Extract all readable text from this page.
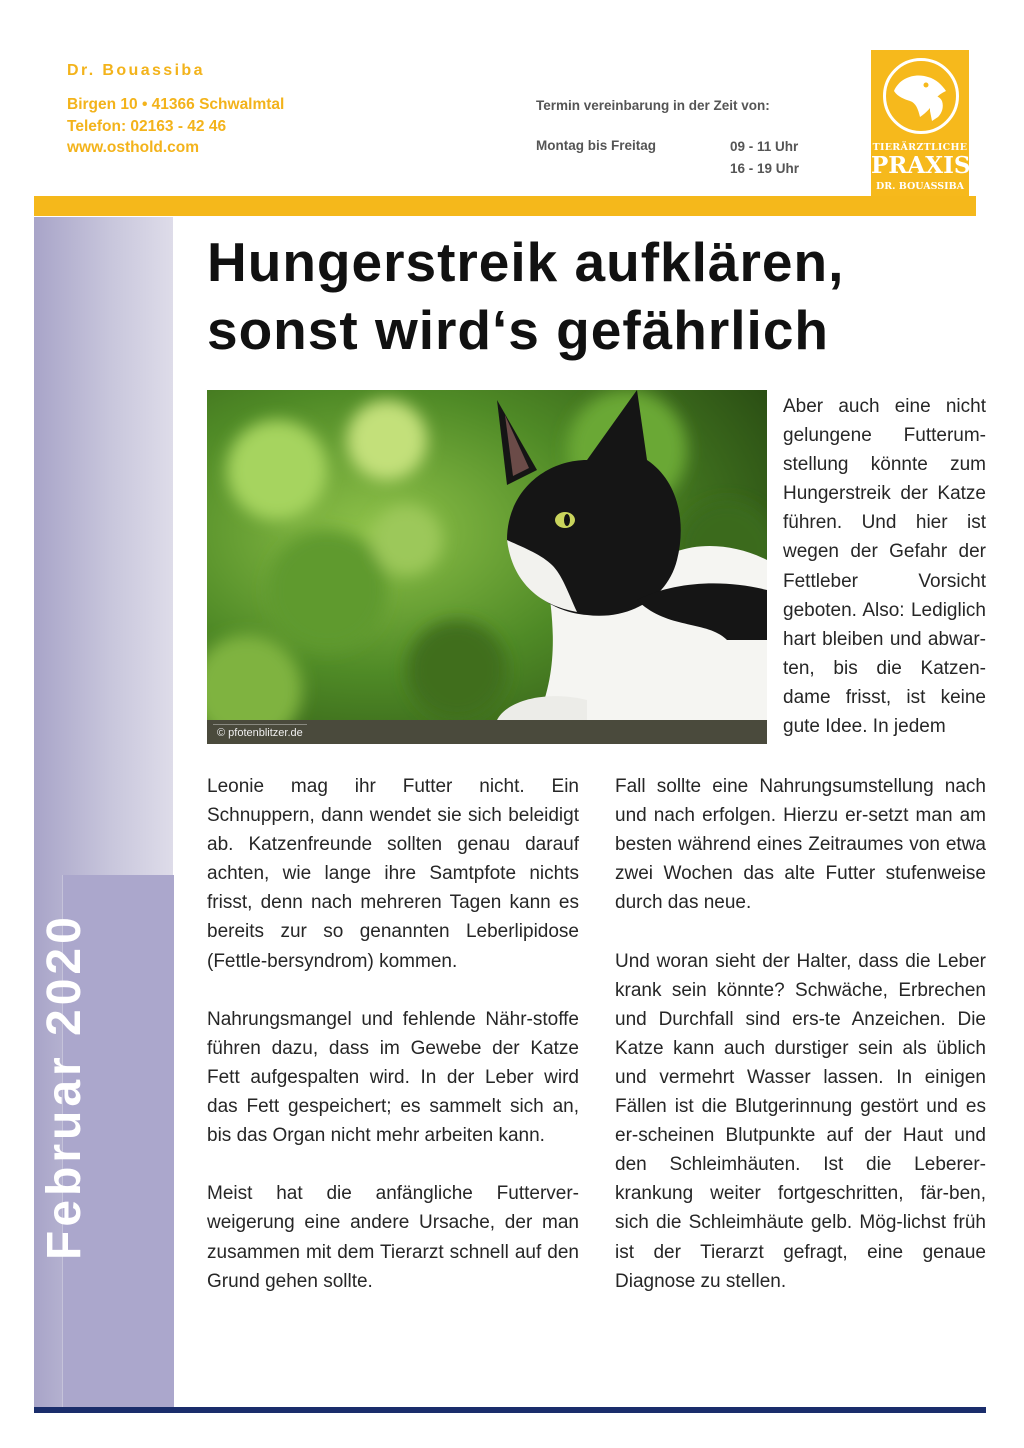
Dr. Bouassiba
Birgen 10 • 41366 Schwalmtal
Telefon: 02163 - 42 46
www.osthold.com
Termin vereinbarung in der Zeit von:
Montag bis Freitag	09 - 11 Uhr
16 - 19 Uhr
TIERÄRZTLICHE
PRAXIS
DR. BOUASSIBA
Februar 2020
Hungerstreik aufklären,
sonst wird‘s gefährlich
© pfotenblitzer.de

Aber auch eine nicht gelungene Futterum-stellung könnte zum Hungerstreik der Katze führen. Und hier ist wegen der Gefahr der Fettleber Vorsicht geboten. Also: Lediglich hart bleiben und abwar-ten, bis die Katzen-dame frisst, ist keine gute Idee. In jedem

Leonie mag ihr Futter nicht. Ein Schnuppern, dann wendet sie sich beleidigt ab. Katzenfreunde sollten genau darauf achten, wie lange ihre Samtpfote nichts frisst, denn nach mehreren Tagen kann es bereits zur so genannten Leberlipidose (Fettle-bersyndrom) kommen.

Nahrungsmangel und fehlende Nähr-stoffe führen dazu, dass im Gewebe der Katze Fett aufgespalten wird. In der Leber wird das Fett gespeichert; es sammelt sich an, bis das Organ nicht mehr arbeiten kann.

Meist hat die anfängliche Futterver-weigerung eine andere Ursache, der man zusammen mit dem Tierarzt schnell auf den Grund gehen sollte.

Fall sollte eine Nahrungsumstellung nach und nach erfolgen. Hierzu er-setzt man am besten während eines Zeitraumes von etwa zwei Wochen das alte Futter stufenweise durch das neue.

Und woran sieht der Halter, dass die Leber krank sein könnte? Schwäche, Erbrechen und Durchfall sind ers-te Anzeichen. Die Katze kann auch durstiger sein als üblich und vermehrt Wasser lassen. In einigen Fällen ist die Blutgerinnung gestört und es er-scheinen Blutpunkte auf der Haut und den Schleimhäuten. Ist die Leberer-krankung weiter fortgeschritten, fär-ben, sich die Schleimhäute gelb. Mög-lichst früh ist der Tierarzt gefragt, eine genaue Diagnose zu stellen.
